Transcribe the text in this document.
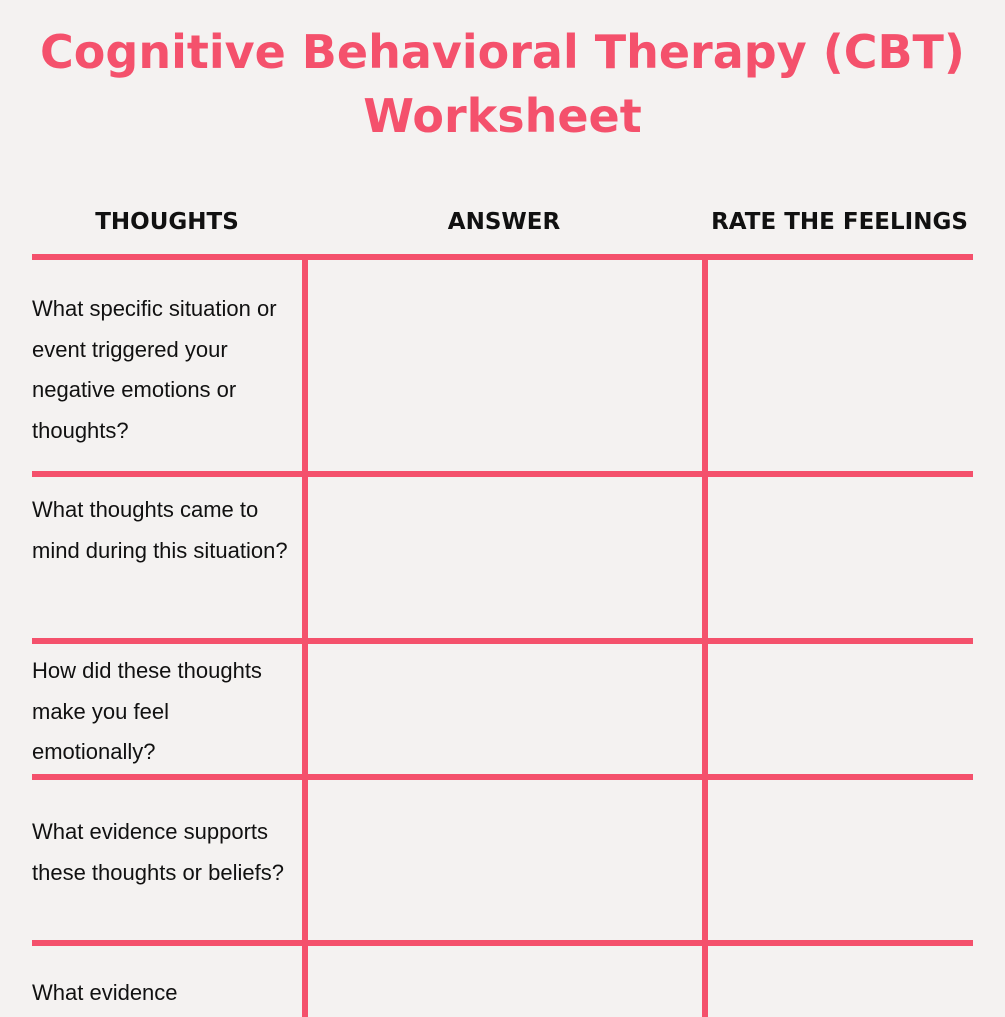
Cognitive Behavioral Therapy (CBT)
Worksheet
THOUGHTS	ANSWER	RATE THE FEELINGS
What specific situation or event triggered your negative emotions or thoughts?
What thoughts came to mind during this situation?
How did these thoughts make you feel emotionally?
What evidence supports these thoughts or beliefs?
What evidence
